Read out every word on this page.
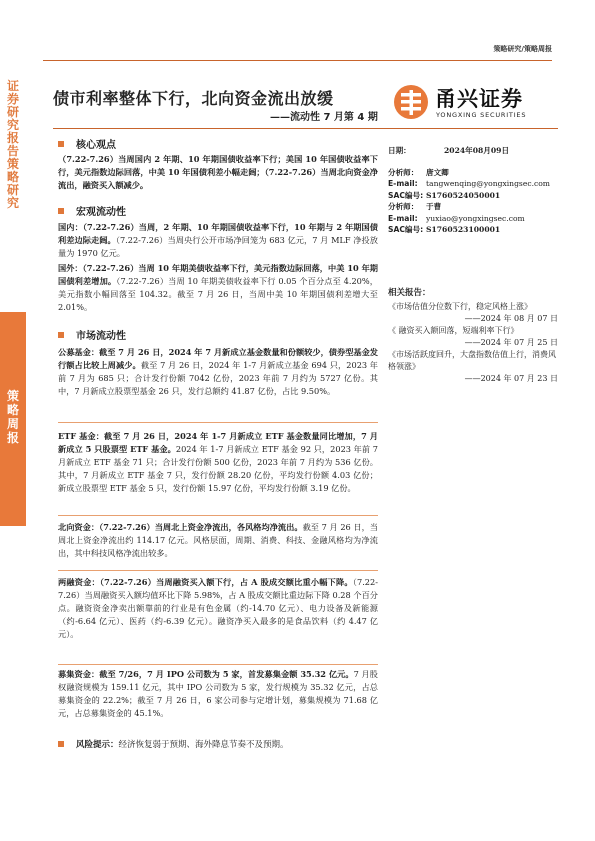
策略研究/策略周报
证券研究报告 策略研究
策略周报
债市利率整体下行，北向资金流出放缓
——流动性 7 月第 4 期
甬兴证券
YONGXING SECURITIES
核心观点
（7.22-7.26）当周国内 2 年期、10 年期国债收益率下行；美国 10 年国债收益率下行，美元指数边际回落，中美 10 年国债利差小幅走阔；（7.22-7.26）当周北向资金净流出，融资买入额减少。
宏观流动性
国内：（7.22-7.26）当周，2 年期、10 年期国债收益率下行，10 年期与 2 年期国债利差边际走阔。（7.22-7.26）当周央行公开市场净回笼为 683 亿元，7 月 MLF 净投放量为 1970 亿元。
国外：（7.22-7.26）当周 10 年期美债收益率下行，美元指数边际回落，中美 10 年期国债利差增加。（7.22-7.26）当周 10 年期美债收益率下行 0.05 个百分点至 4.20%，美元指数小幅回落至 104.32。截至 7 月 26 日，当周中美 10 年期国债利差增大至 2.01%。
市场流动性
公募基金：截至 7 月 26 日，2024 年 7 月新成立基金数量和份额较少，债券型基金发行额占比较上周减少。截至 7 月 26 日，2024 年 1-7 月新成立基金 694 只，2023 年前 7 月为 685 只；合计发行份额 7042 亿份，2023 年前 7 月约为 5727 亿份。其中，7 月新成立股票型基金 26 只，发行总额约 41.87 亿份，占比 9.50%。
ETF 基金：截至 7 月 26 日，2024 年 1-7 月新成立 ETF 基金数量同比增加，7 月新成立 5 只股票型 ETF 基金。2024 年 1-7 月新成立 ETF 基金 92 只，2023 年前 7 月新成立 ETF 基金 71 只；合计发行份额 500 亿份，2023 年前 7 月约为 536 亿份。其中，7 月新成立 ETF 基金 7 只，发行份额 28.20 亿份，平均发行份额 4.03 亿份；新成立股票型 ETF 基金 5 只，发行份额 15.97 亿份，平均发行份额 3.19 亿份。
北向资金：（7.22-7.26）当周北上资金净流出，各风格均净流出。截至 7 月 26 日，当周北上资金净流出约 114.17 亿元。风格层面，周期、消费、科技、金融风格均为净流出，其中科技风格净流出较多。
两融资金：（7.22-7.26）当周融资买入额下行，占 A 股成交额比重小幅下降。（7.22-7.26）当周融资买入额均值环比下降 5.98%，占 A 股成交额比重边际下降 0.28 个百分点。融资资金净卖出额靠前的行业是有色金属（约-14.70 亿元）、电力设备及新能源（约-6.64 亿元）、医药（约-6.39 亿元）。融资净买入最多的是食品饮料（约 4.47 亿元）。
募集资金：截至 7/26，7 月 IPO 公司数为 5 家，首发募集金额 35.32 亿元。7 月股权融资规模为 159.11 亿元，其中 IPO 公司数为 5 家，发行规模为 35.32 亿元，占总募集资金的 22.2%；截至 7 月 26 日，6 家公司参与定增计划，募集规模为 71.68 亿元，占总募集资金的 45.1%。
风险提示：经济恢复弱于预期、海外降息节奏不及预期。
日期：	2024年08月09日
分析师：	唐文卿
E-mail:	tangwenqing@yongxingsec.com
SAC编号: S1760524050001
分析师：	于曹
E-mail:	yuxiao@yongxingsec.com
SAC编号: S1760523100001
相关报告：
《市场估值分位数下行，稳定风格上涨》
——2024 年 08 月 07 日
《 融资买入额回落，短端利率下行》
——2024 年 07 月 25 日
《市场活跃度回升，大盘指数估值上行，消费风格领涨》
——2024 年 07 月 23 日
